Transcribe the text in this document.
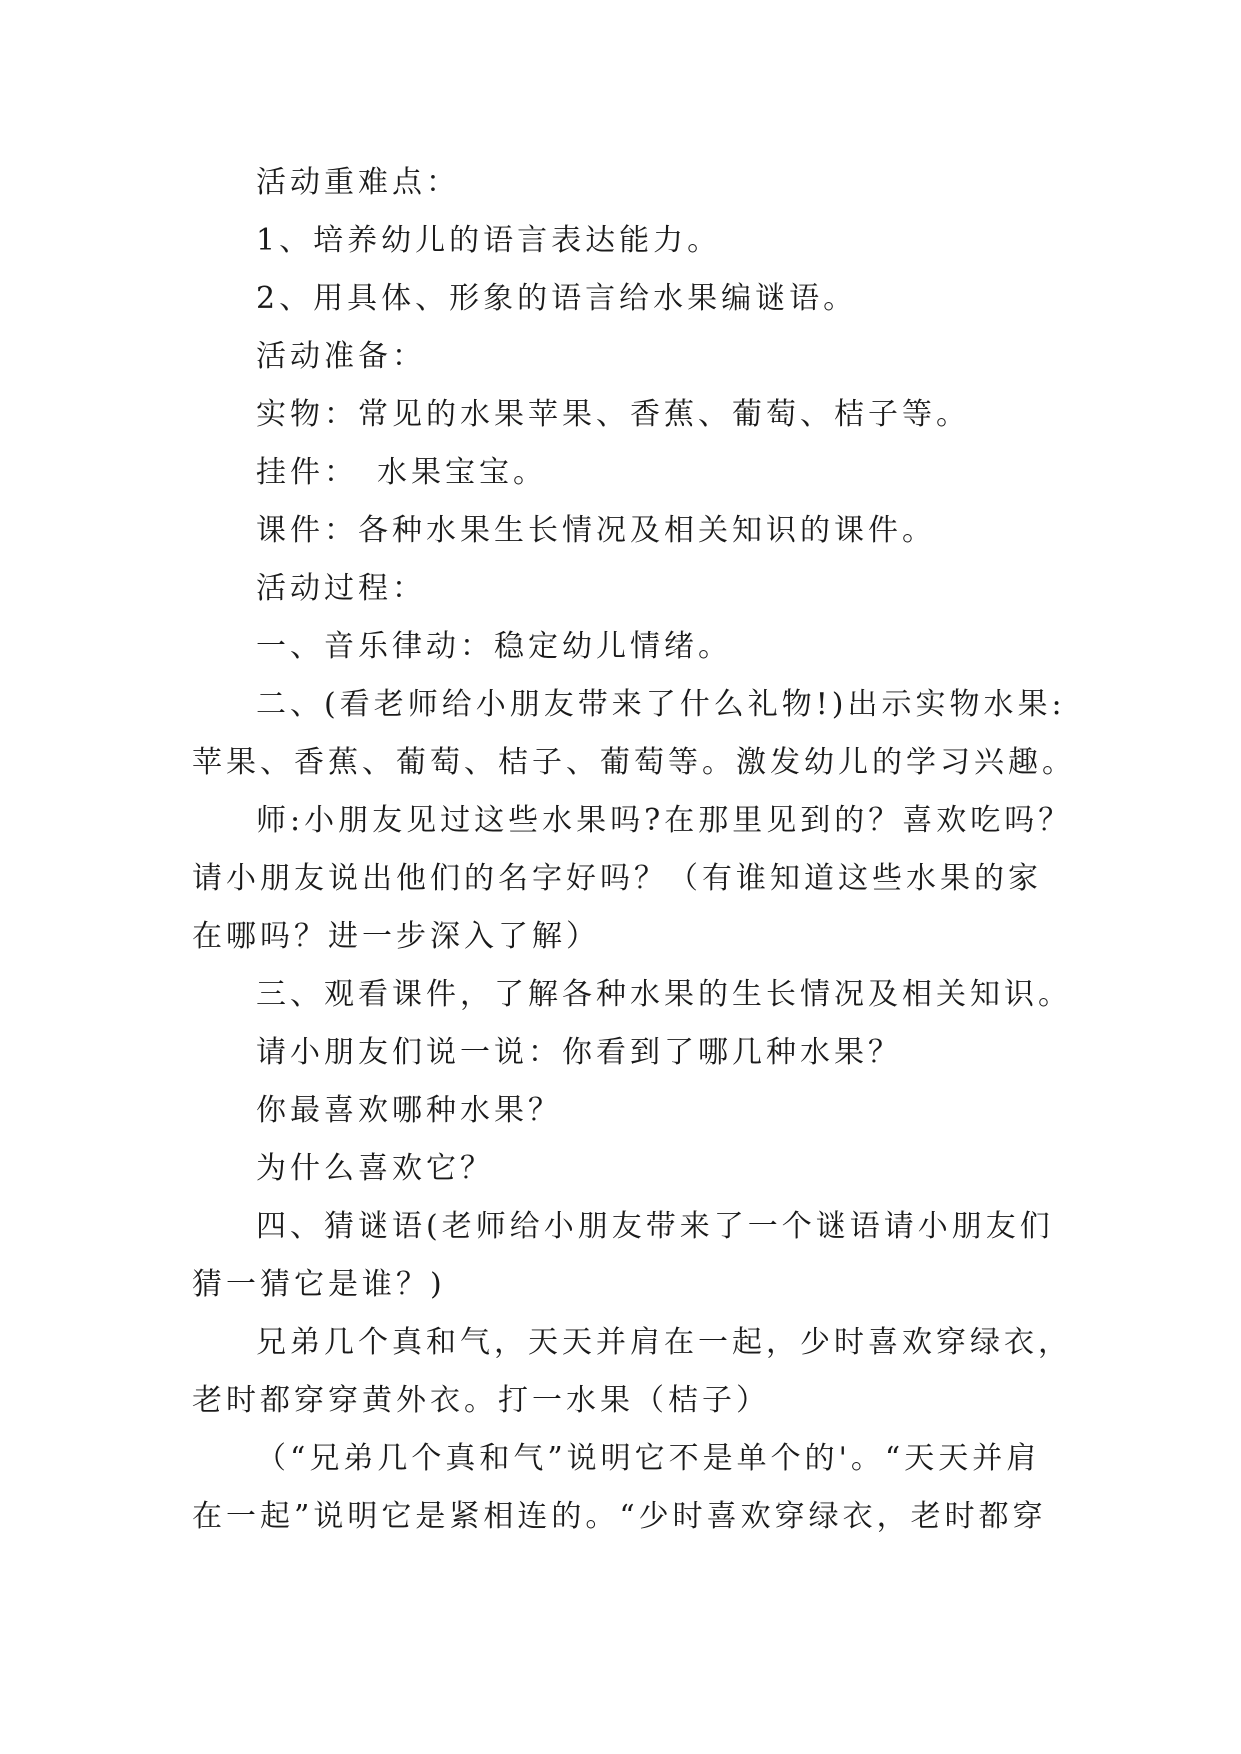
活动重难点：

1、培养幼儿的语言表达能力。

2、用具体、形象的语言给水果编谜语。

活动准备：

实物：常见的水果苹果、香蕉、葡萄、桔子等。

挂件：　水果宝宝。

课件：各种水果生长情况及相关知识的课件。

活动过程：

一、音乐律动：稳定幼儿情绪。

二、(看老师给小朋友带来了什么礼物!)出示实物水果:

苹果、香蕉、葡萄、桔子、葡萄等。激发幼儿的学习兴趣。

师:小朋友见过这些水果吗?在那里见到的？喜欢吃吗？

请小朋友说出他们的名字好吗？（有谁知道这些水果的家

在哪吗？进一步深入了解）

三、观看课件，了解各种水果的生长情况及相关知识。

请小朋友们说一说：你看到了哪几种水果？

你最喜欢哪种水果？

为什么喜欢它？

四、猜谜语(老师给小朋友带来了一个谜语请小朋友们

猜一猜它是谁？)

兄弟几个真和气，天天并肩在一起，少时喜欢穿绿衣，

老时都穿穿黄外衣。打一水果（桔子）

（“兄弟几个真和气”说明它不是单个的'。“天天并肩

在一起”说明它是紧相连的。“少时喜欢穿绿衣，老时都穿
